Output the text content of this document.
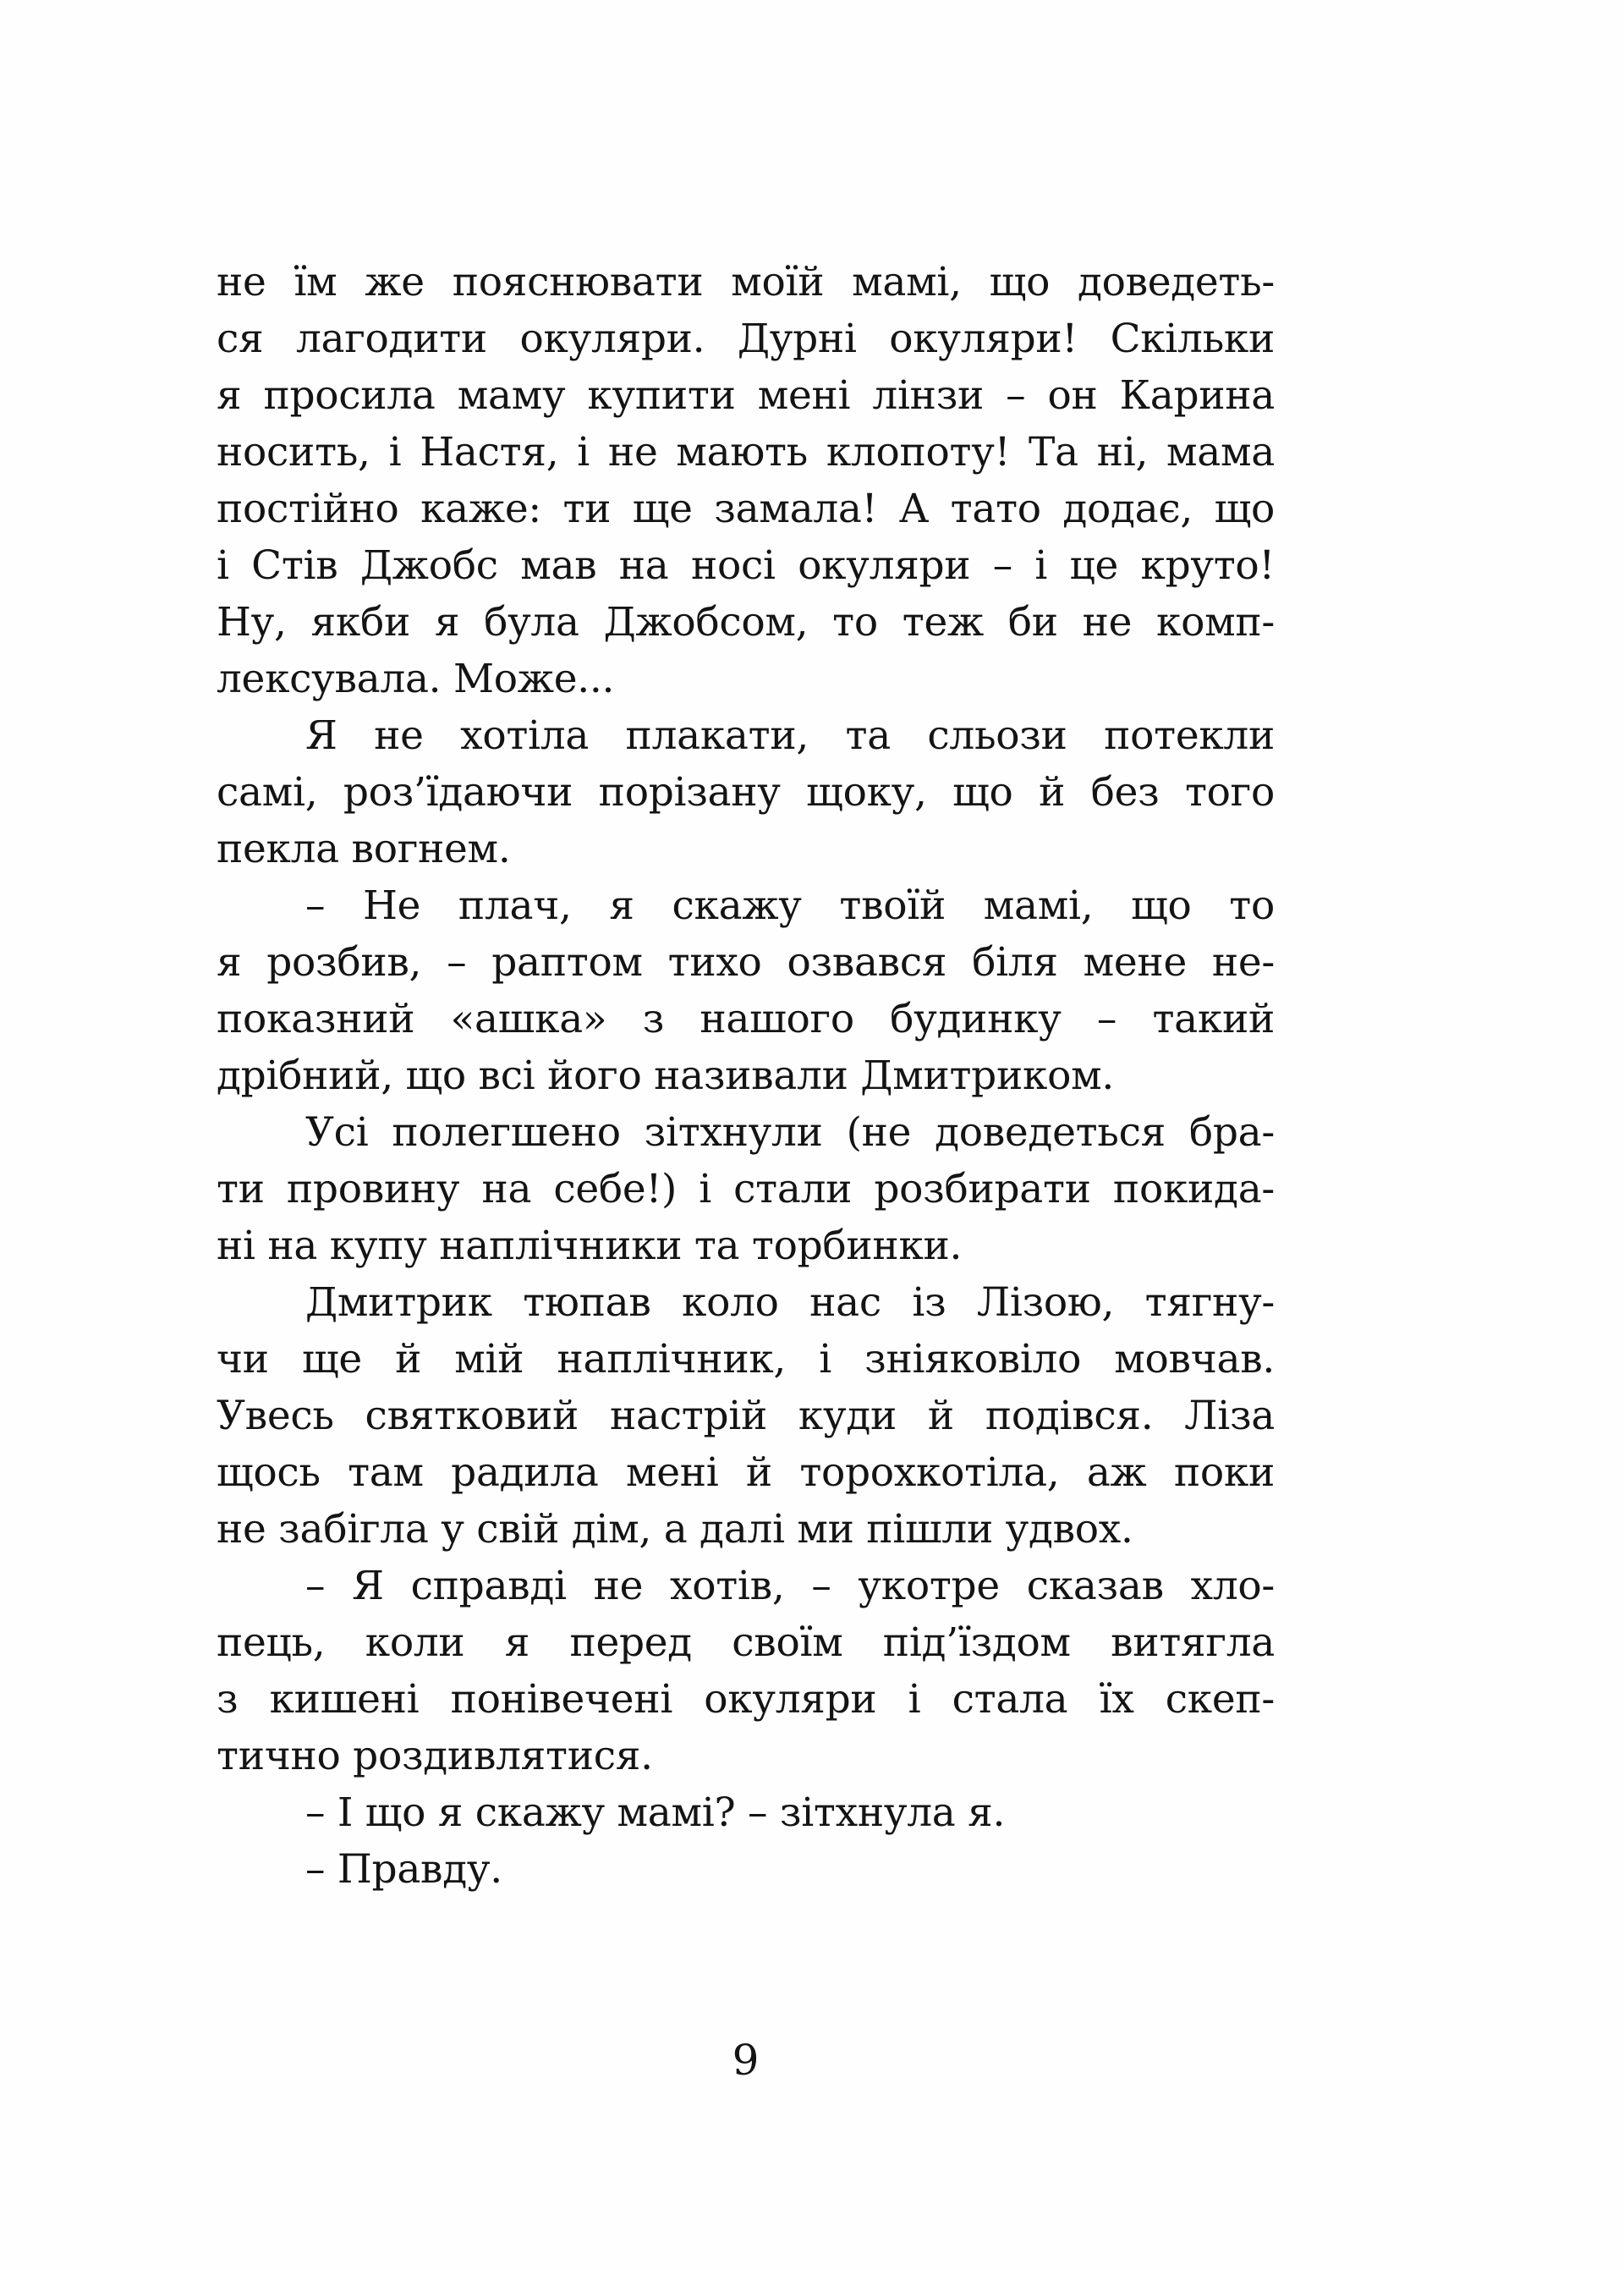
не їм же пояснювати моїй мамі, що доведеть-
ся лагодити окуляри. Дурні окуляри! Скільки
я просила маму купити мені лінзи – он Карина
носить, і Настя, і не мають клопоту! Та ні, мама
постійно каже: ти ще замала! А тато додає, що
і Стів Джобс мав на носі окуляри – і це круто!
Ну, якби я була Джобсом, то теж би не комп-
лексувала. Може...
Я не хотіла плакати, та сльози потекли
самі, роз’їдаючи порізану щоку, що й без того
пекла вогнем.
– Не плач, я скажу твоїй мамі, що то
я розбив, – раптом тихо озвався біля мене не-
показний «ашка» з нашого будинку – такий
дрібний, що всі його називали Дмитриком.
Усі полегшено зітхнули (не доведеться бра-
ти провину на себе!) і стали розбирати покида-
ні на купу наплічники та торбинки.
Дмитрик тюпав коло нас із Лізою, тягну-
чи ще й мій наплічник, і зніяковіло мовчав.
Увесь святковий настрій куди й подівся. Ліза
щось там радила мені й торохкотіла, аж поки
не забігла у свій дім, а далі ми пішли удвох.
– Я справді не хотів, – укотре сказав хло-
пець, коли я перед своїм під’їздом витягла
з кишені понівечені окуляри і стала їх скеп-
тично роздивлятися.
– І що я скажу мамі? – зітхнула я.
– Правду.
9
